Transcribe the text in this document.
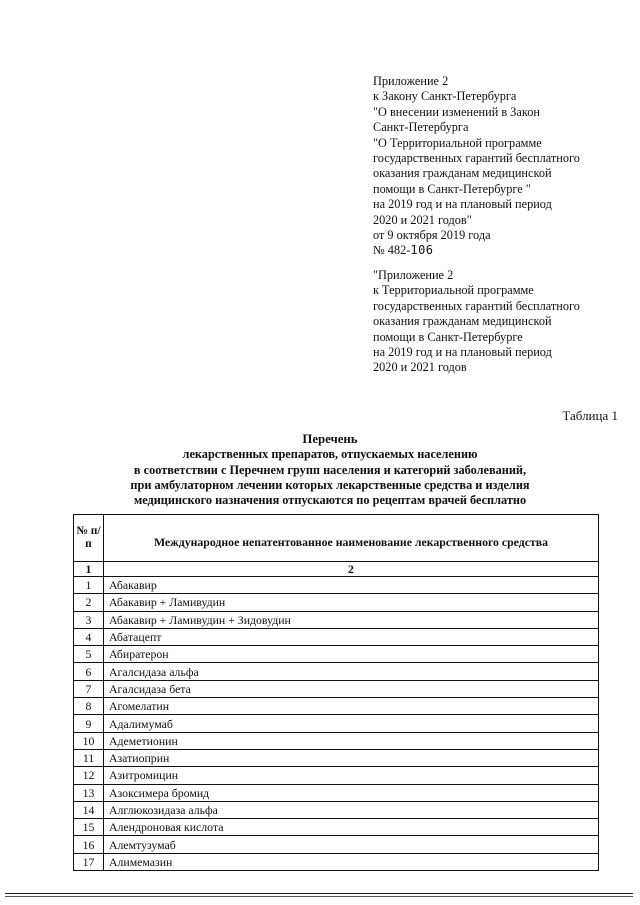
Приложение 2
к Закону Санкт-Петербурга
"О внесении изменений в Закон
Санкт-Петербурга
"О Территориальной программе
государственных гарантий бесплатного
оказания гражданам медицинской
помощи в Санкт-Петербурге "
на 2019 год и на плановый период
2020 и 2021 годов"
от 9 октября 2019 года
№ 482-106
"Приложение 2
к Территориальной программе
государственных гарантий бесплатного
оказания гражданам медицинской
помощи в Санкт-Петербурге
на 2019 год и на плановый период
2020 и 2021 годов
Таблица 1
Перечень
лекарственных препаратов, отпускаемых населению
в соответствии с Перечнем групп населения и категорий заболеваний,
при амбулаторном лечении которых лекарственные средства и изделия
медицинского назначения отпускаются по рецептам врачей бесплатно
№ п/п	Международное непатентованное наименование лекарственного средства
1	2
1	Абакавир
2	Абакавир + Ламивудин
3	Абакавир + Ламивудин + Зидовудин
4	Абатацепт
5	Абиратерон
6	Агалсидаза альфа
7	Агалсидаза бета
8	Агомелатин
9	Адалимумаб
10	Адеметионин
11	Азатиоприн
12	Азитромицин
13	Азоксимера бромид
14	Алглюкозидаза альфа
15	Алендроновая кислота
16	Алемтузумаб
17	Алимемазин
